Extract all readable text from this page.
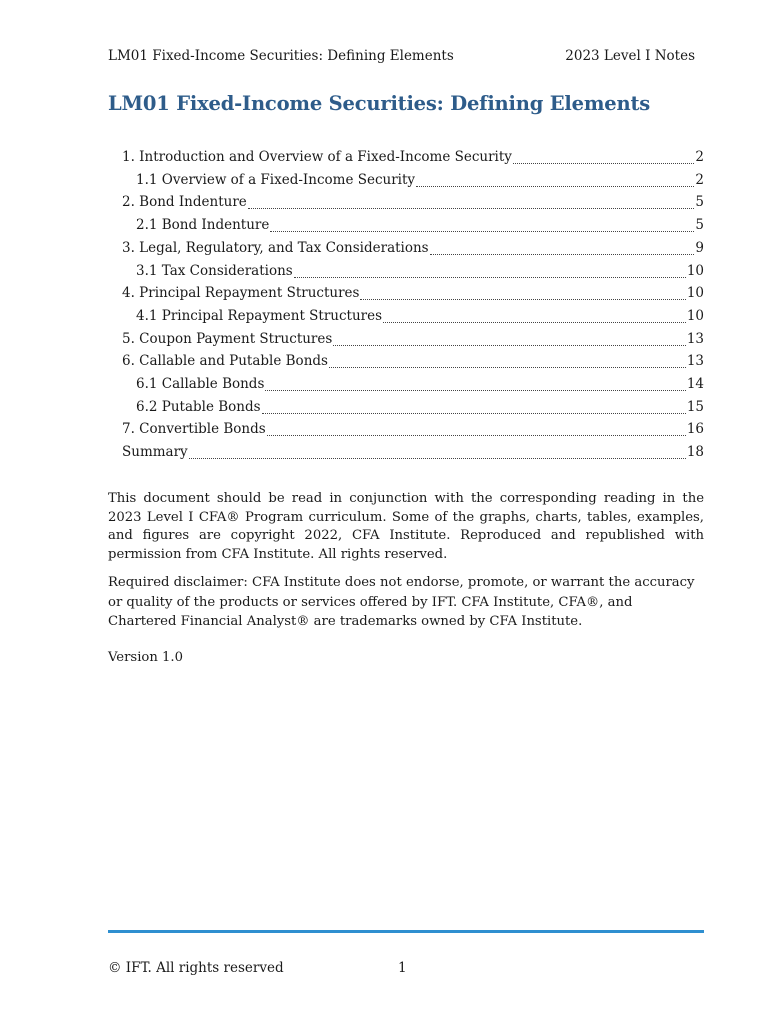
LM01 Fixed-Income Securities: Defining Elements	2023 Level I Notes
LM01 Fixed-Income Securities: Defining Elements
1. Introduction and Overview of a Fixed-Income Security	2
1.1 Overview of a Fixed-Income Security	2
2. Bond Indenture	5
2.1 Bond Indenture	5
3. Legal, Regulatory, and Tax Considerations	9
3.1 Tax Considerations	10
4. Principal Repayment Structures	10
4.1 Principal Repayment Structures	10
5. Coupon Payment Structures	13
6. Callable and Putable Bonds	13
6.1 Callable Bonds	14
6.2 Putable Bonds	15
7. Convertible Bonds	16
Summary	18
This document should be read in conjunction with the corresponding reading in the 2023 Level I CFA® Program curriculum. Some of the graphs, charts, tables, examples, and figures are copyright 2022, CFA Institute. Reproduced and republished with permission from CFA Institute. All rights reserved.
Required disclaimer: CFA Institute does not endorse, promote, or warrant the accuracy or quality of the products or services offered by IFT. CFA Institute, CFA®, and Chartered Financial Analyst® are trademarks owned by CFA Institute.
Version 1.0
© IFT. All rights reserved	1
